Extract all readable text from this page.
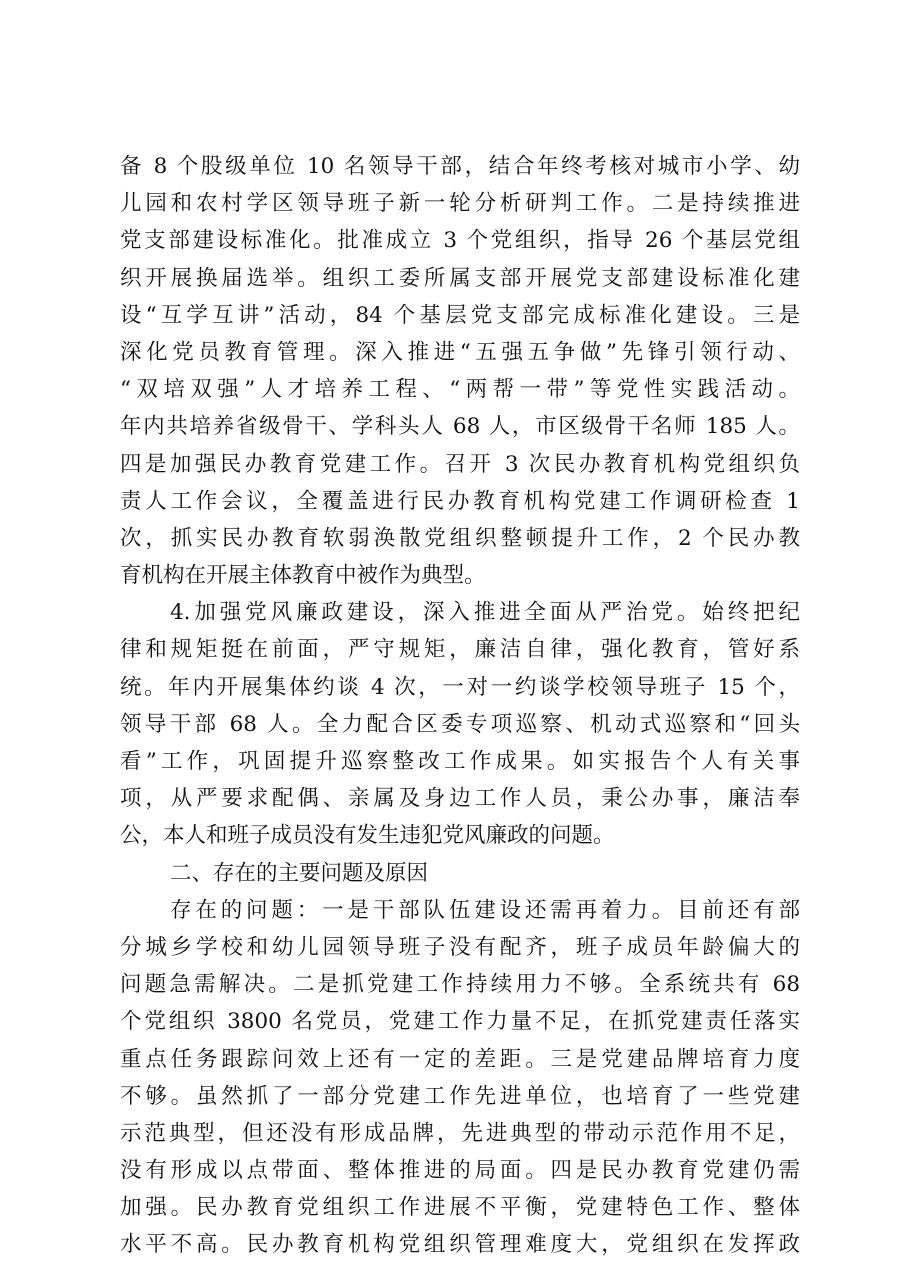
备 8 个股级单位 10 名领导干部，结合年终考核对城市小学、幼
儿园和农村学区领导班子新一轮分析研判工作。二是持续推进
党支部建设标准化。批准成立 3 个党组织，指导 26 个基层党组
织开展换届选举。组织工委所属支部开展党支部建设标准化建
设“互学互讲”活动，84 个基层党支部完成标准化建设。三是
深化党员教育管理。深入推进“五强五争做”先锋引领行动、
“双培双强”人才培养工程、“两帮一带”等党性实践活动。
年内共培养省级骨干、学科头人 68 人，市区级骨干名师 185 人。
四是加强民办教育党建工作。召开 3 次民办教育机构党组织负
责人工作会议，全覆盖进行民办教育机构党建工作调研检查 1
次，抓实民办教育软弱涣散党组织整顿提升工作，2 个民办教
育机构在开展主体教育中被作为典型。
4.加强党风廉政建设，深入推进全面从严治党。始终把纪
律和规矩挺在前面，严守规矩，廉洁自律，强化教育，管好系
统。年内开展集体约谈 4 次，一对一约谈学校领导班子 15 个，
领导干部 68 人。全力配合区委专项巡察、机动式巡察和“回头
看”工作，巩固提升巡察整改工作成果。如实报告个人有关事
项，从严要求配偶、亲属及身边工作人员，秉公办事，廉洁奉
公，本人和班子成员没有发生违犯党风廉政的问题。
二、存在的主要问题及原因
存在的问题：一是干部队伍建设还需再着力。目前还有部
分城乡学校和幼儿园领导班子没有配齐，班子成员年龄偏大的
问题急需解决。二是抓党建工作持续用力不够。全系统共有 68
个党组织 3800 名党员，党建工作力量不足，在抓党建责任落实
重点任务跟踪问效上还有一定的差距。三是党建品牌培育力度
不够。虽然抓了一部分党建工作先进单位，也培育了一些党建
示范典型，但还没有形成品牌，先进典型的带动示范作用不足，
没有形成以点带面、整体推进的局面。四是民办教育党建仍需
加强。民办教育党组织工作进展不平衡，党建特色工作、整体
水平不高。民办教育机构党组织管理难度大，党组织在发挥政
